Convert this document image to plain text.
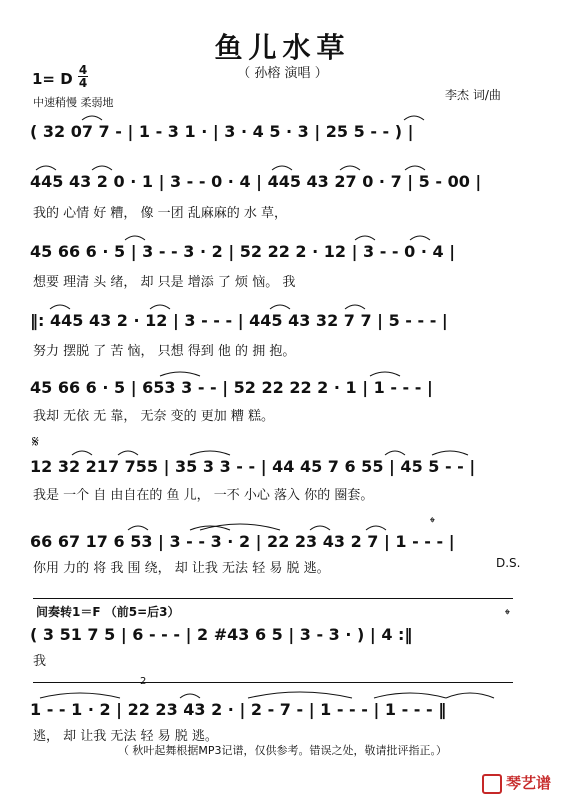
鱼儿水草
（ 孙榕 演唱 ）
1= D 4
4
中速稍慢 柔弱地
李杰 词/曲
( 32 07 7 - | 1 - 3 1 · | 3 · 4 5 · 3 | 25 5 - - ) |
445 43 2 0 · 1 | 3 - - 0 · 4 | 445 43 27 0 · 7 | 5 - 00 |
我的 心情 好 糟， 像 一团 乱麻麻的 水 草，
45 66 6 · 5 | 3 - - 3 · 2 | 52 22 2 · 12 | 3 - - 0 · 4 |
想要 理清 头 绪， 却 只是 增添 了 烦 恼。 我
‖: 445 43 2 · 12 | 3 - - - | 445 43 32 7 7 | 5 - - - |
努力 摆脱 了 苦 恼， 只想 得到 他 的 拥 抱。
45 66 6 · 5 | 653 3 - - | 52 22 22 2 · 1 | 1 - - - |
我却 无依 无 靠， 无奈 变的 更加 糟 糕。
𝄋
12 32 217 755 | 35 3 3 - - | 44 45 7 6 55 | 45 5 - - |
我是 一个 自 由自在的 鱼 儿， 一不 小心 落入 你的 圈套。
𝄌
66 67 17 6 53 | 3 - - 3 · 2 | 22 23 43 2 7 | 1 - - - |
你用 力的 将 我 围 绕， 却 让我 无法 轻 易 脱 逃。	D.S.
间奏转1＝F （前5=后3）	𝄌
( 3 51 7 5 | 6 - - - | 2 #43 6 5 | 3 - 3 · ) | 4 :‖
我
2
1 - - 1 · 2 | 22 23 43 2 · | 2 - 7 - | 1 - - - | 1 - - - ‖
逃， 却 让我 无法 轻 易 脱 逃。
（ 秋叶起舞根据MP3记谱，仅供参考。错误之处，敬请批评指正。）
琴艺谱
